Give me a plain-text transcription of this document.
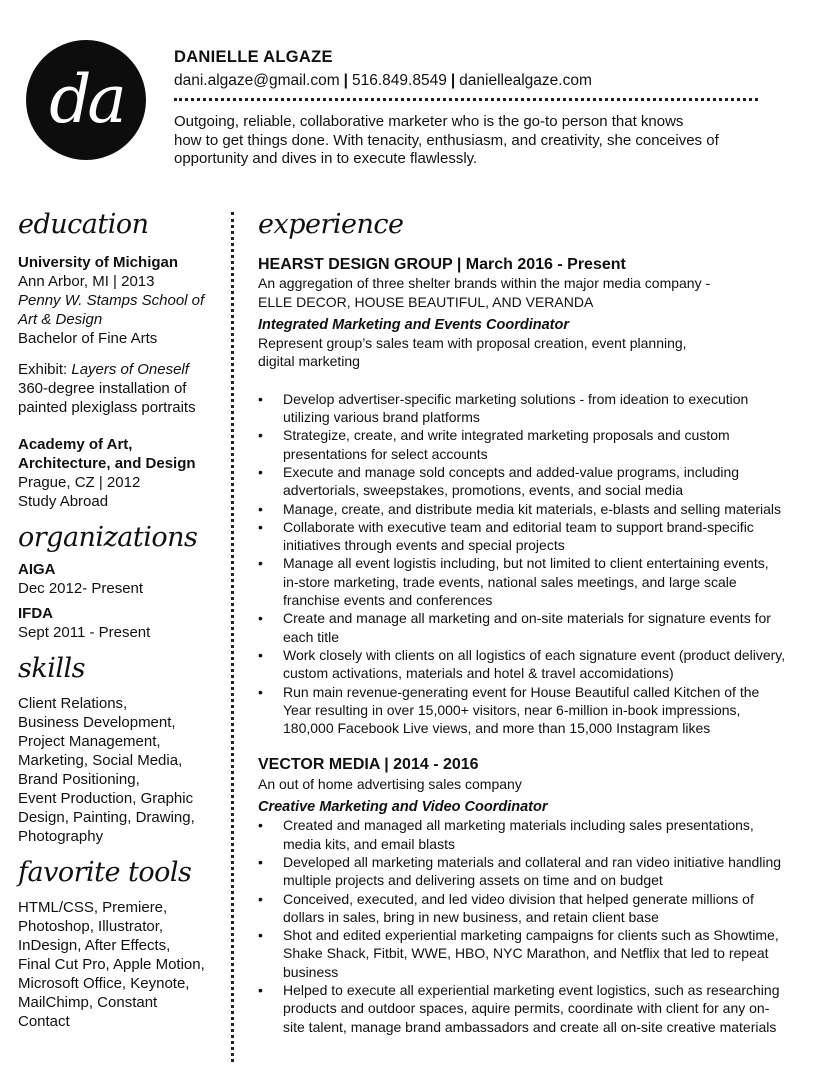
da
DANIELLE ALGAZE
dani.algaze@gmail.com | 516.849.8549 | daniellealgaze.com
Outgoing, reliable, collaborative marketer who is the go-to person that knows
how to get things done. With tenacity, enthusiasm, and creativity, she conceives of
opportunity and dives in to execute flawlessly.
education
University of Michigan
Ann Arbor, MI | 2013
Penny W. Stamps School of
Art & Design
Bachelor of Fine Arts
Exhibit: Layers of Oneself
360-degree installation of
painted plexiglass portraits
Academy of Art,
Architecture, and Design
Prague, CZ | 2012
Study Abroad
organizations
AIGA
Dec 2012- Present
IFDA
Sept 2011 - Present
skills
Client Relations,
Business Development,
Project Management,
Marketing, Social Media,
Brand Positioning,
Event Production, Graphic
Design, Painting, Drawing,
Photography
favorite tools
HTML/CSS, Premiere,
Photoshop, Illustrator,
InDesign, After Effects,
Final Cut Pro, Apple Motion,
Microsoft Office, Keynote,
MailChimp, Constant
Contact
experience
HEARST DESIGN GROUP | March 2016 - Present
An aggregation of three shelter brands within the major media company -
ELLE DECOR, HOUSE BEAUTIFUL, AND VERANDA
Integrated Marketing and Events Coordinator
Represent group’s sales team with proposal creation, event planning,
digital marketing
• Develop advertiser-specific marketing solutions - from ideation to execution
utilizing various brand platforms
• Strategize, create, and write integrated marketing proposals and custom
presentations for select accounts
• Execute and manage sold concepts and added-value programs, including
advertorials, sweepstakes, promotions, events, and social media
• Manage, create, and distribute media kit materials, e-blasts and selling materials
• Collaborate with executive team and editorial team to support brand-specific
initiatives through events and special projects
• Manage all event logistis including, but not limited to client entertaining events,
in-store marketing, trade events, national sales meetings, and large scale
franchise events and conferences
• Create and manage all marketing and on-site materials for signature events for
each title
• Work closely with clients on all logistics of each signature event (product delivery,
custom activations, materials and hotel & travel accomidations)
• Run main revenue-generating event for House Beautiful called Kitchen of the
Year resulting in over 15,000+ visitors, near 6-million in-book impressions,
180,000 Facebook Live views, and more than 15,000 Instagram likes
VECTOR MEDIA | 2014 - 2016
An out of home advertising sales company
Creative Marketing and Video Coordinator
• Created and managed all marketing materials including sales presentations,
media kits, and email blasts
• Developed all marketing materials and collateral and ran video initiative handling
multiple projects and delivering assets on time and on budget
• Conceived, executed, and led video division that helped generate millions of
dollars in sales, bring in new business, and retain client base
• Shot and edited experiential marketing campaigns for clients such as Showtime,
Shake Shack, Fitbit, WWE, HBO, NYC Marathon, and Netflix that led to repeat
business
• Helped to execute all experiential marketing event logistics, such as researching
products and outdoor spaces, aquire permits, coordinate with client for any on-
site talent, manage brand ambassadors and create all on-site creative materials
